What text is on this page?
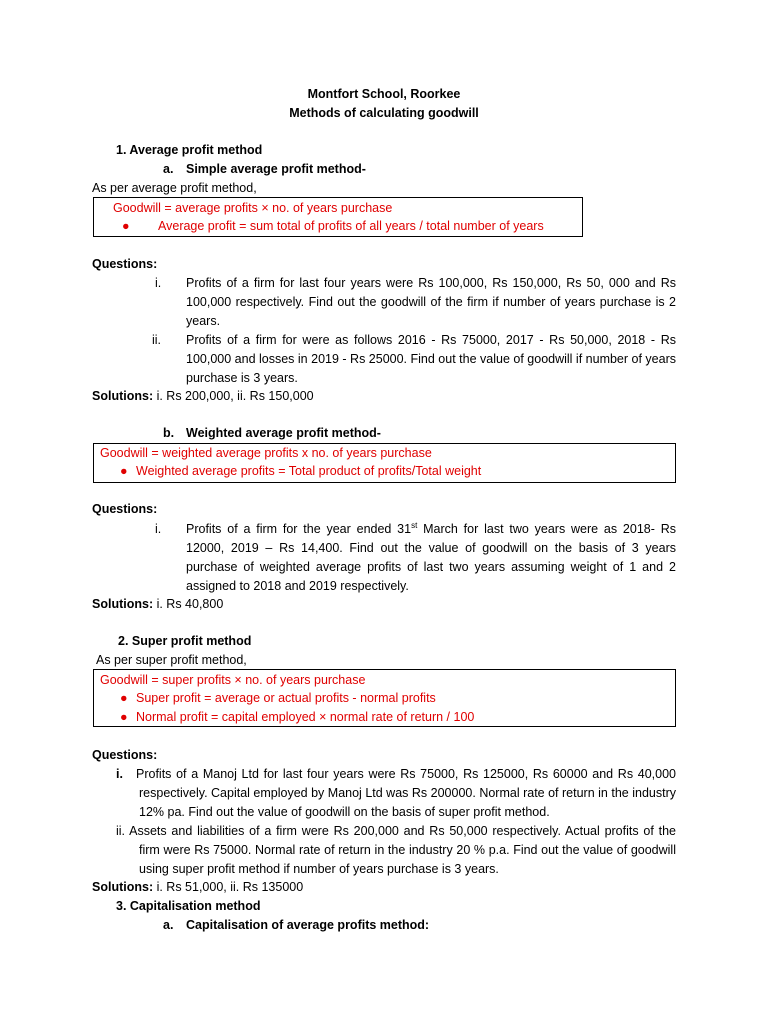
Montfort School, Roorkee
Methods of calculating goodwill
1. Average profit method
a. Simple average profit method-
As per average profit method,
Goodwill = average profits × no. of years purchase
● Average profit = sum total of profits of all years / total number of years
Questions:
i. Profits of a firm for last four years were Rs 100,000, Rs 150,000, Rs 50, 000 and Rs 100,000 respectively. Find out the goodwill of the firm if number of years purchase is 2 years.
ii. Profits of a firm for were as follows 2016 - Rs 75000, 2017 - Rs 50,000, 2018 - Rs 100,000 and losses in 2019 - Rs 25000. Find out the value of goodwill if number of years purchase is 3 years.
Solutions: i. Rs 200,000, ii. Rs 150,000
b. Weighted average profit method-
Goodwill = weighted average profits x no. of years purchase
● Weighted average profits = Total product of profits/Total weight
Questions:
i. Profits of a firm for the year ended 31st March for last two years were as 2018- Rs 12000, 2019 – Rs 14,400. Find out the value of goodwill on the basis of 3 years purchase of weighted average profits of last two years assuming weight of 1 and 2 assigned to 2018 and 2019 respectively.
Solutions: i. Rs 40,800
2. Super profit method
As per super profit method,
Goodwill = super profits × no. of years purchase
● Super profit = average or actual profits - normal profits
● Normal profit = capital employed × normal rate of return / 100
Questions:
i. Profits of a Manoj Ltd for last four years were Rs 75000, Rs 125000, Rs 60000 and Rs 40,000 respectively. Capital employed by Manoj Ltd was Rs 200000. Normal rate of return in the industry 12% pa. Find out the value of goodwill on the basis of super profit method.
ii. Assets and liabilities of a firm were Rs 200,000 and Rs 50,000 respectively. Actual profits of the firm were Rs 75000. Normal rate of return in the industry 20 % p.a. Find out the value of goodwill using super profit method if number of years purchase is 3 years.
Solutions: i. Rs 51,000, ii. Rs 135000
3. Capitalisation method
a. Capitalisation of average profits method:
